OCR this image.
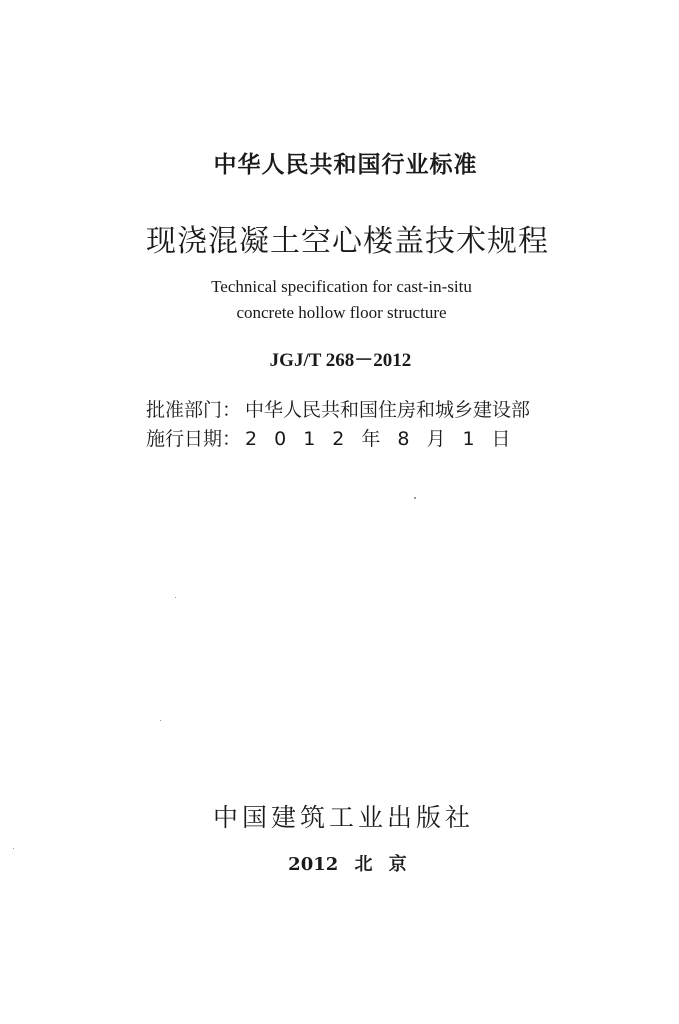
中华人民共和国行业标准

现浇混凝土空心楼盖技术规程

Technical specification for cast-in-situ

concrete hollow floor structure

JGJ/T 268－2012

批准部门： 中华人民共和国住房和城乡建设部
施行日期： 2012年8月1日

中国建筑工业出版社

2012 北 京
